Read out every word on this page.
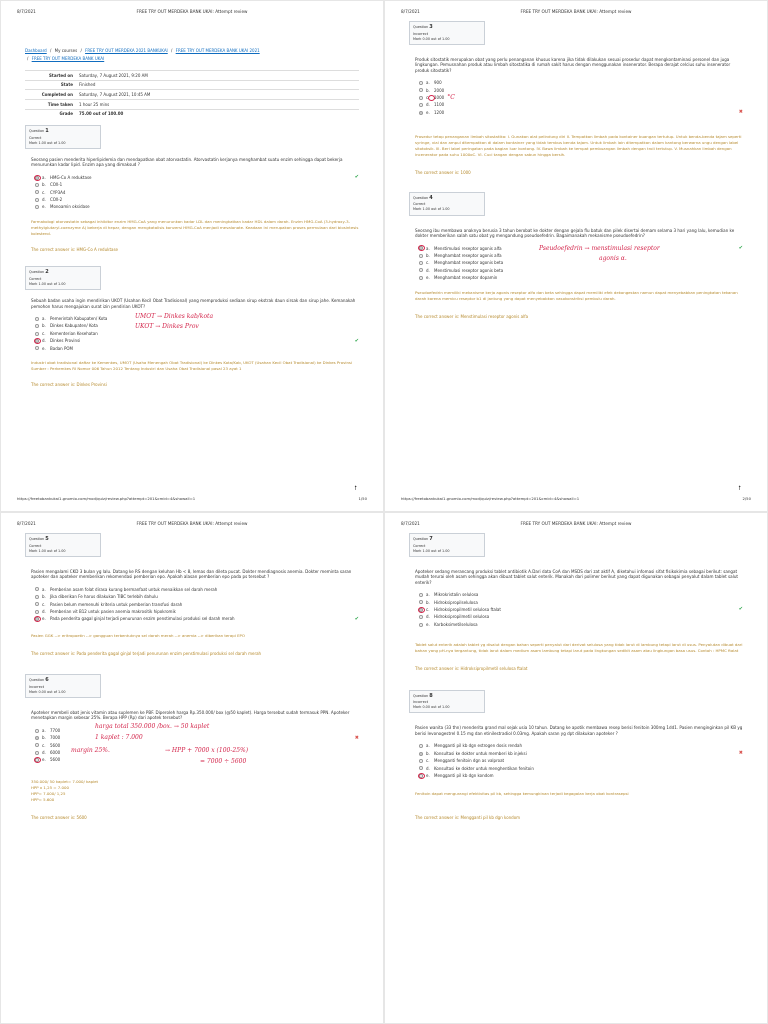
8/7/2021	FREE TRY OUT MERDEKA BANK UKAI: Attempt review
Dashboard / My courses / FREE TRY OUT MERDEKA 2021 BANKUKAI / FREE TRY OUT MERDEKA BANK UKAI 2021
/ FREE TRY OUT MERDEKA BANK UKAI
Started on	Saturday, 7 August 2021, 9:20 AM
State	Finished
Completed on	Saturday, 7 August 2021, 10:45 AM
Time taken	1 hour 25 mins
Grade	75.00 out of 100.00
Question 1
Correct
Mark 1.00 out of 1.00
Seorang pasien menderita hiperlipidemia dan mendapatkan obat atorvastatin. Atorvastatin kerjanya menghambat suatu enzim sehingga dapat bekerja menurunkan kadar lipid. Enzim apa yang dimaksud ?
a.	HMG-Co A reduktase	✔
b.	COX-1
c.	CYP3A4
d.	COX-2
e.	Monoamin oksidase
Farmakologi atorvastatin sebagai inhibitor enzim HMG-CoA yang menurunkan kadar LDL dan meningkatkan kadar HDL dalam darah. Enzim HMG-CoA (3-hydroxy-3-methylglutaryl-coenzyme A) bekerja di hepar, dengan mengkatalisis konversi HMG-CoA menjadi mevalonate. Keadaan ini merupakan proses permulaan dari biosintesis kolesterol.
The correct answer is: HMG-Co A reduktase
Question 2
Correct
Mark 1.00 out of 1.00
Sebuah badan usaha ingin mendirikan UKOT (Usahan Kecil Obat Tradisional) yang memproduksi sediaan sirup ekstrak daun sirsak dan sirup jahe. Kemanakah pemohon harus mengajukan surat izin pendirian UKOT?
a.	Pemerintah Kabupaten/ Kota
b.	Dinkes Kabupaten/ Kota
c.	Kementerian Kesehatan
d.	Dinkes Provinsi	✔
e.	Badan POM
UMOT → Dinkes kab/kota
UKOT → Dinkes Prov
Industri obat tradisional daftar ke Kemenkes, UMOT (Usaha Menengah Obat Tradisional) ke Dinkes Kota/Kab, UKOT (Usahan Kecil Obat Tradisional) ke Dinkes Provinsi Sumber : Perkemkes RI Nomor 006 Tahun 2012 Tentang Industri dan Usaha Obat Tradisional pasal 23 ayat 1
The correct answer is: Dinkes Provinsi
🠕
https://freetobankukai1.gnomio.com/mod/quiz/review.php?attempt=201&cmid=4&showall=1	1/50
8/7/2021	FREE TRY OUT MERDEKA BANK UKAI: Attempt review
Question 3
Incorrect
Mark 0.00 out of 1.00
Produk sitostatik merupakan obat yang perlu penanganan khusus karena jika tidak dilakukan sesuai prosedur dapat mengkontaminasi personel dan juga lingkungan. Pemusnahan produk atau limbah sitostatika di rumah sakit harus dengan menggunakan insenerator. Berapa derajat celcius suhu insenerator produk sitostatik?
a.	900
b.	2000
c.	1000 °C
d.	1100
e.	1200	✖
Prosedur tetap penanganan limbah sitostatika: I. Gunakan alat pelindung diri II. Tempatkan limbah pada kontainer buangan tertutup. Untuk benda-benda tajam seperti syringe, vial dan ampul ditempatkan di dalam kontainer yang tidak tembus benda tajam. Untuk limbah lain ditempatkan dalam kantong berwarna ungu dengan label sitotoksik. III. Beri label peringatan pada bagian luar kontong. IV. Bawa limbah ke tempat pembuangan limbah dengan troli tertutup. V. Musnahkan limbah dengan incenerator pada suhu 1000oC. VI. Cuci tangan dengan sabun hingga bersih.
The correct answer is: 1000
Question 4
Correct
Mark 1.00 out of 1.00
Seorang ibu membawa anaknya berusia 3 tahun berobat ke dokter dengan gejala flu batuk dan pilek disertai demam selama 3 hari yang lalu, kemudian ke dokter memberikan salah satu obat yg mengandung pseudoefedrin. Bagaimanakah mekanisme pseudoefedrin?
a.	Menstimulasi reseptor agonis alfa	✔
b.	Menghambat reseptor agonis alfa
c.	Menghambat reseptor agonis beta
d.	Menstimulasi reseptor agonis beta
e.	Menghambat reseptor dopamin
Pseudoefedrin → menstimulasi reseptor
agonis α.
Pseudoefedrin memiliki mekanisme kerja agonis reseptor alfa dan beta sehingga dapat memiliki efek dekongestan namun dapat menyebabkan peningkatan tekanan darah karena memicu reseptor b1 di jantung yang dapat menyebabkan vasokonstriksi pembulu darah.
The correct answer is: Menstimulasi reseptor agonis alfa
🠕
https://freetobankukai1.gnomio.com/mod/quiz/review.php?attempt=201&cmid=4&showall=1	2/50
8/7/2021	FREE TRY OUT MERDEKA BANK UKAI: Attempt review
Question 5
Correct
Mark 1.00 out of 1.00
Pasien mengalami CKD 3 bulan yg lalu. Datang ke RS dengan keluhan Hb < 8, lemas dan dileta pucat. Dokter mendiagnosis anemia. Dokter meminta saran apoteker dan apoteker memberikan rekomendasi pemberian epo. Apakah alasan pemberian epo pada ps tersebut ?
a.	Pemberian asam folat dirasa kurang bermanfaat untuk menaikkan sel darah merah
b.	Jika diberikan Fe harus dilakukan TIBC terlebih dahulu
c.	Pasien belum memenuhi kriteria untuk pemberian transfusi darah
d.	Pemberian vit B12 untuk pasien anemia makrositik hipokromik
e.	Pada penderita gagal ginjal terjadi penurunan enzim penstimulasi produksi sel darah merah	✔
Pasien GGK --> eritropoetin --> gangguan terbentuknya sel darah merah --> anemia --> diberikan terapi EPO
The correct answer is: Pada penderita gagal ginjal terjadi penurunan enzim penstimulasi produksi sel darah merah
Question 6
Incorrect
Mark 0.00 out of 1.00
Apoteker membeli obat jenis vitamin atau suplemen ke PBF. Diperoleh harga Rp.350.000/ box (@50 kaplet). Harga tersebut sudah termasuk PPN. Apoteker menetapkan margin sebesar 25%. Berapa HPP (Rp) dari apotek tersebut?
a.	7700
b.	7000	✖
c.	5600
d.	6000
e.	5600
harga total 350.000 /box. → 50 kaplet
1 kaplet : 7.000
margin 25%.	→ HPP + 7000 x (100-25%)
= 7000 ÷ 5600
350.000/ 50 kaplet= 7.000/ kaplet
HPP x 1,25 = 7.000
HPP= 7.000/ 1,25
HPP= 5.600
The correct answer is: 5600
8/7/2021	FREE TRY OUT MERDEKA BANK UKAI: Attempt review
Question 7
Correct
Mark 1.00 out of 1.00
Apoteker sedang merancang produksi tablet antibiotik A.Dari data CoA dan MSDS dari zat aktif A, diketahui infomasi sifat fisikokimia sebagai berikut: sangat mudah terurai oleh asam sehingga akan dibuat tablet salut enterik. Manakah dari polimer berikut yang dapat digunakan sebagai penyalut dalam tablet salut enterik?
a.	Mikrokristalin selulosa
b.	Hidroksipropilselulosa
c.	Hidroksipropilmetil selulosa ftalat	✔
d.	Hidroksipropilmetil selulosa
e.	Karboksimetilselulosa
Tablet salut enterik adalah tablet yg disalut dengan bahan seperti penyalut dari derivat selulosa yang tidak larut di lambung tetapi larut di usus. Penyalutan dibuat dari bahan yang pH-nya tergantung, tidak larut dalam medium asam lambung tetapi larut pada lingkungan sedikit asam atau lingkungan basa usus. Contoh : HPMC ftalat
The correct answer is: Hidroksipropilmetil selulosa ftalat
Question 8
Incorrect
Mark 0.00 out of 1.00
Pasien wanita (33 thn) menderita grand mal sejak usia 10 tahun. Datang ke apotik membawa resep berisi fenitoin 300mg 1dd1. Pasien menginginkan pil KB yg berisi levonogestrel 0.15 mg dan etinilestradiol 0.03mg. Apakah saran yg dpt dilakukan apoteker ?
a.	Mengganti pil kb dgn estrogen dosis rendah
b.	Konsultasi ke dokter untuk memberi kb injeksi	✖
c.	Mengganti fenitoin dgn as valproat
d.	Konsultasi ke dokter untuk menghentikan fenitoin
e.	Mengganti pil kb dgn kondom
Fenitoin dapat mengurangi efektivitas pil kb, sehingga kemungkinan terjadi kegagalan kerja obat kontrasepsi
The correct answer is: Mengganti pil kb dgn kondom
